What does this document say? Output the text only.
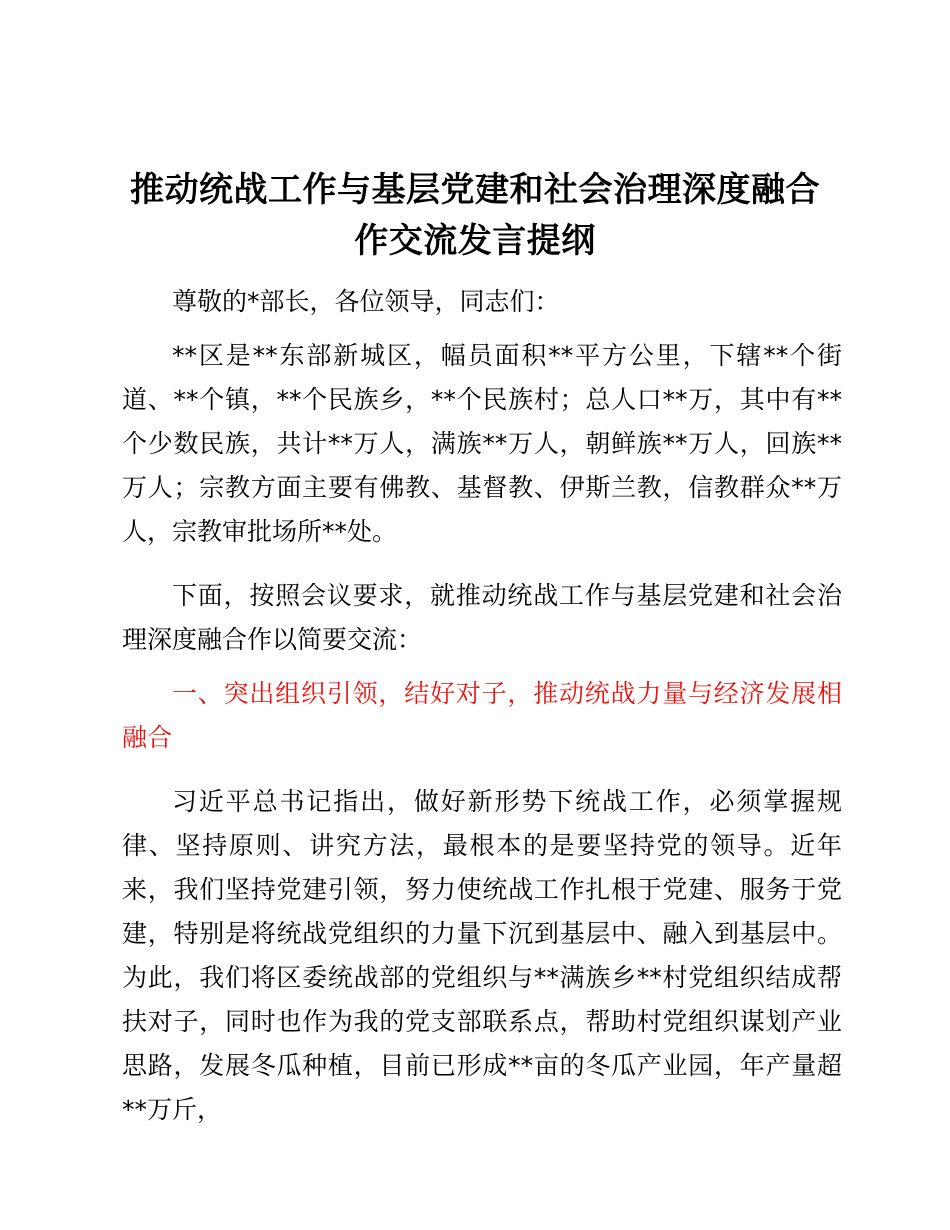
推动统战工作与基层党建和社会治理深度融合
作交流发言提纲

尊敬的*部长，各位领导，同志们：

**区是**东部新城区，幅员面积**平方公里，下辖**个街道、**个镇，**个民族乡，**个民族村；总人口**万，其中有**个少数民族，共计**万人，满族**万人，朝鲜族**万人，回族**万人；宗教方面主要有佛教、基督教、伊斯兰教，信教群众**万人，宗教审批场所**处。

下面，按照会议要求，就推动统战工作与基层党建和社会治理深度融合作以简要交流：

一、突出组织引领，结好对子，推动统战力量与经济发展相融合

习近平总书记指出，做好新形势下统战工作，必须掌握规律、坚持原则、讲究方法，最根本的是要坚持党的领导。近年来，我们坚持党建引领，努力使统战工作扎根于党建、服务于党建，特别是将统战党组织的力量下沉到基层中、融入到基层中。为此，我们将区委统战部的党组织与**满族乡**村党组织结成帮扶对子，同时也作为我的党支部联系点，帮助村党组织谋划产业思路，发展冬瓜种植，目前已形成**亩的冬瓜产业园，年产量超**万斤，
